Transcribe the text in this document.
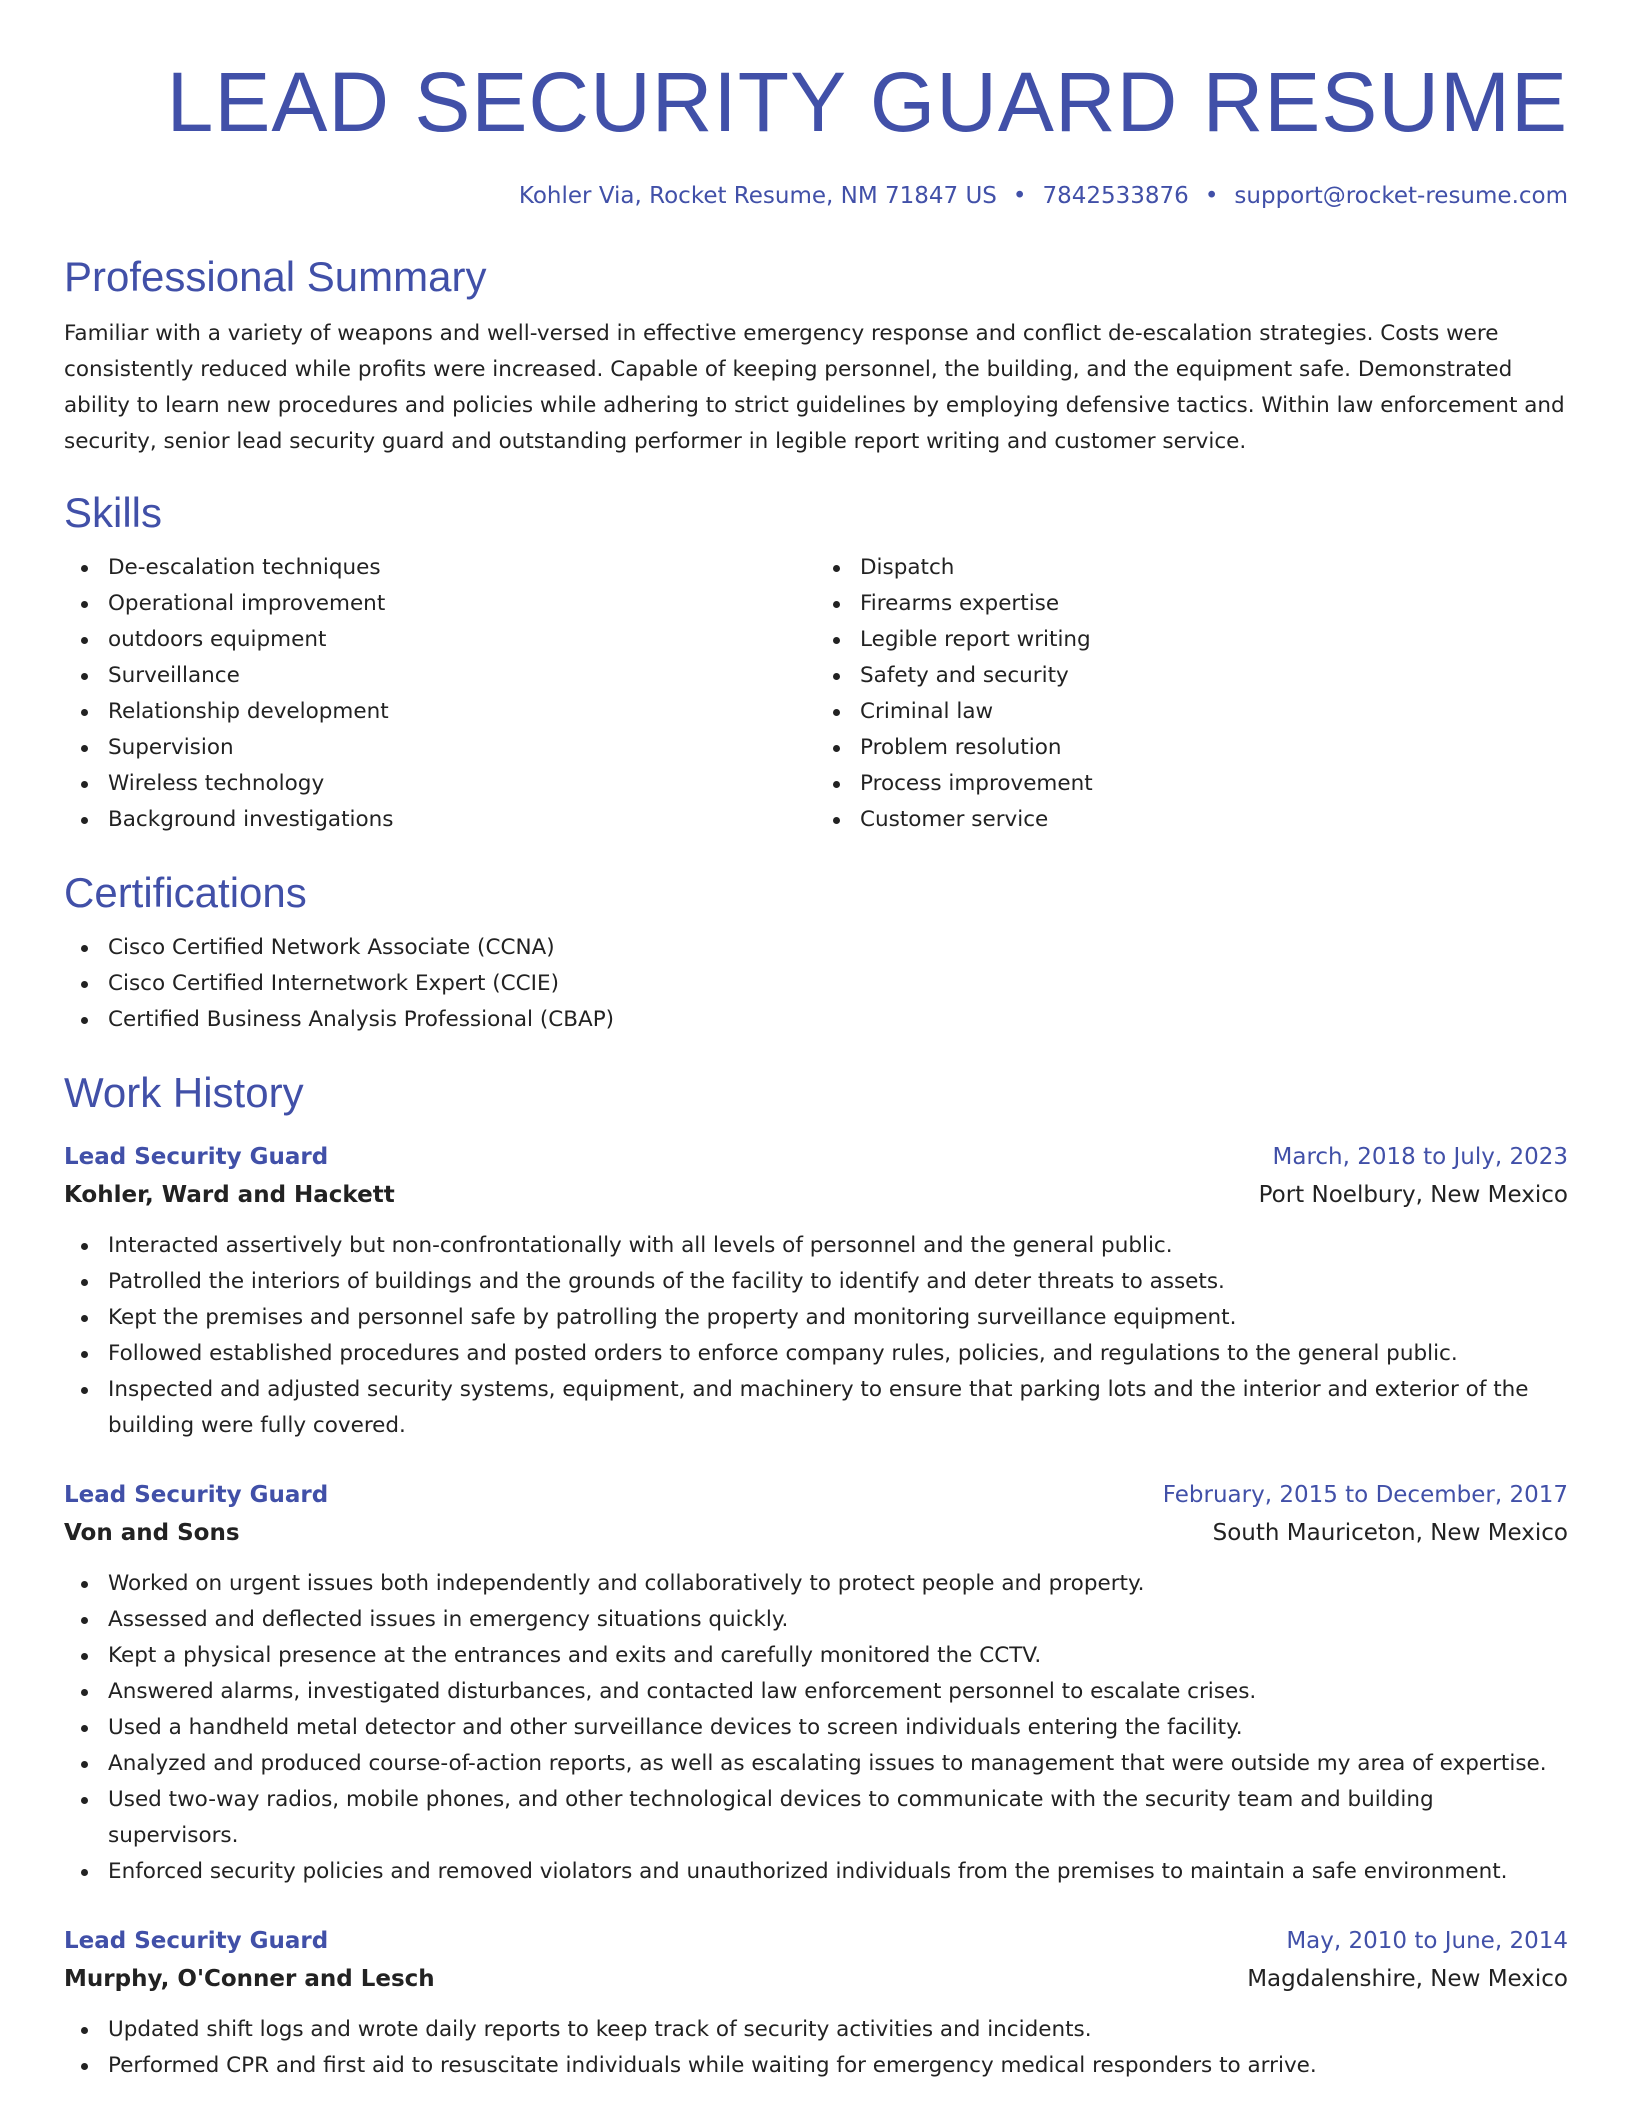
LEAD SECURITY GUARD RESUME
Kohler Via, Rocket Resume, NM 71847 US • 7842533876 • support@rocket-resume.com
Professional Summary

Familiar with a variety of weapons and well-versed in effective emergency response and conflict de-escalation strategies. Costs were consistently reduced while profits were increased. Capable of keeping personnel, the building, and the equipment safe. Demonstrated ability to learn new procedures and policies while adhering to strict guidelines by employing defensive tactics. Within law enforcement and security, senior lead security guard and outstanding performer in legible report writing and customer service.

Skills
De-escalation techniques
Operational improvement
outdoors equipment
Surveillance
Relationship development
Supervision
Wireless technology
Background investigations
Dispatch
Firearms expertise
Legible report writing
Safety and security
Criminal law
Problem resolution
Process improvement
Customer service
Certifications
Cisco Certified Network Associate (CCNA)
Cisco Certified Internetwork Expert (CCIE)
Certified Business Analysis Professional (CBAP)
Work History
Lead Security Guard	March, 2018 to July, 2023
Kohler, Ward and Hackett	Port Noelbury, New Mexico
Interacted assertively but non-confrontationally with all levels of personnel and the general public.
Patrolled the interiors of buildings and the grounds of the facility to identify and deter threats to assets.
Kept the premises and personnel safe by patrolling the property and monitoring surveillance equipment.
Followed established procedures and posted orders to enforce company rules, policies, and regulations to the general public.
Inspected and adjusted security systems, equipment, and machinery to ensure that parking lots and the interior and exterior of the building were fully covered.
Lead Security Guard	February, 2015 to December, 2017
Von and Sons	South Mauriceton, New Mexico
Worked on urgent issues both independently and collaboratively to protect people and property.
Assessed and deflected issues in emergency situations quickly.
Kept a physical presence at the entrances and exits and carefully monitored the CCTV.
Answered alarms, investigated disturbances, and contacted law enforcement personnel to escalate crises.
Used a handheld metal detector and other surveillance devices to screen individuals entering the facility.
Analyzed and produced course-of-action reports, as well as escalating issues to management that were outside my area of expertise.
Used two-way radios, mobile phones, and other technological devices to communicate with the security team and building supervisors.
Enforced security policies and removed violators and unauthorized individuals from the premises to maintain a safe environment.
Lead Security Guard	May, 2010 to June, 2014
Murphy, O'Conner and Lesch	Magdalenshire, New Mexico
Updated shift logs and wrote daily reports to keep track of security activities and incidents.
Performed CPR and first aid to resuscitate individuals while waiting for emergency medical responders to arrive.
